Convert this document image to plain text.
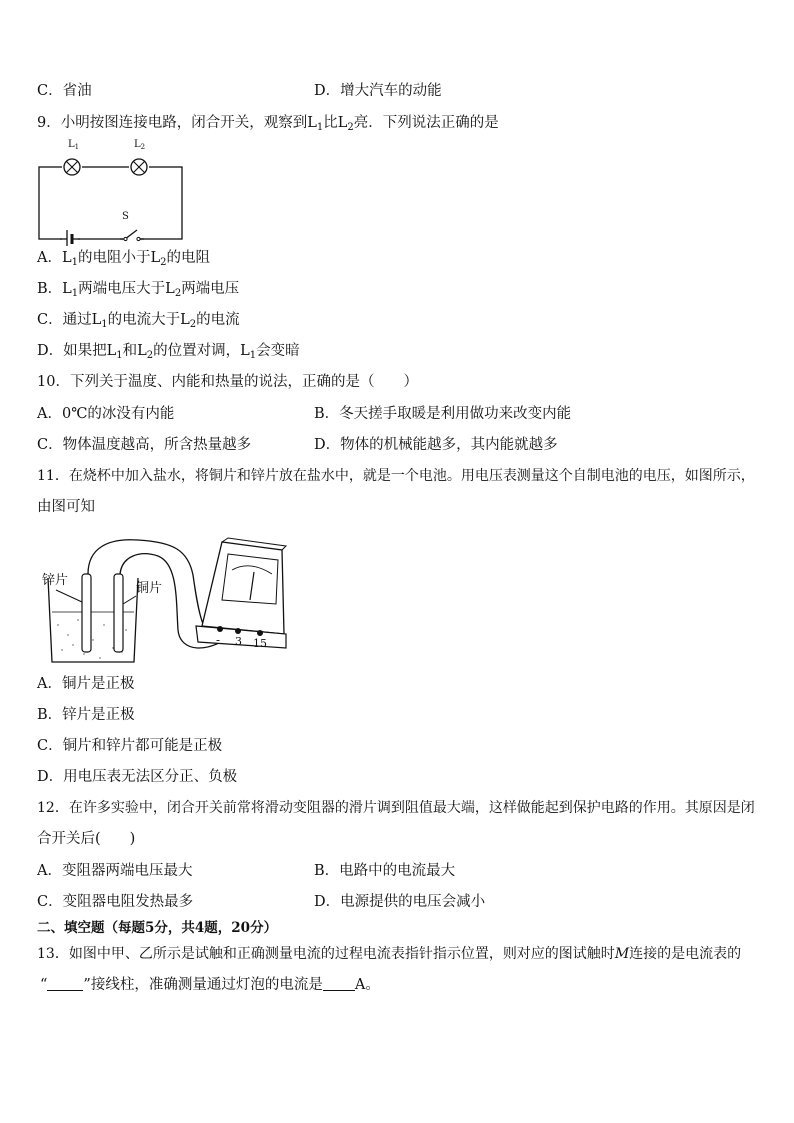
C．省油	D．增大汽车的动能
9．小明按图连接电路，闭合开关，观察到$L_1$比$L_2$亮．下列说法正确的是
$L_1$	$L_2$
S
A．$L_1$的电阻小于$L_2$的电阻
B．$L_1$两端电压大于$L_2$两端电压
C．通过$L_1$的电流大于$L_2$的电流
D．如果把$L_1$和$L_2$的位置对调，$L_1$会变暗
10．下列关于温度、内能和热量的说法，正确的是（　　）
A．0℃的冰没有内能	B．冬天搓手取暖是利用做功来改变内能
C．物体温度越高，所含热量越多	D．物体的机械能越多，其内能就越多
11．在烧杯中加入盐水，将铜片和锌片放在盐水中，就是一个电池。用电压表测量这个自制电池的电压，如图所示，
由图可知
锌片
铜片
- 3 15
A．铜片是正极
B．锌片是正极
C．铜片和锌片都可能是正极
D．用电压表无法区分正、负极
12．在许多实验中，闭合开关前常将滑动变阻器的滑片调到阻值最大端，这样做能起到保护电路的作用。其原因是闭
合开关后(　　)
A．变阻器两端电压最大	B．电路中的电流最大
C．变阻器电阻发热最多	D．电源提供的电压会减小
二、填空题（每题5分，共4题，20分）
13．如图中甲、乙所示是试触和正确测量电流的过程电流表指针指示位置，则对应的图试触时M连接的是电流表的
“ ”接线柱，准确测量通过灯泡的电流是 A。
